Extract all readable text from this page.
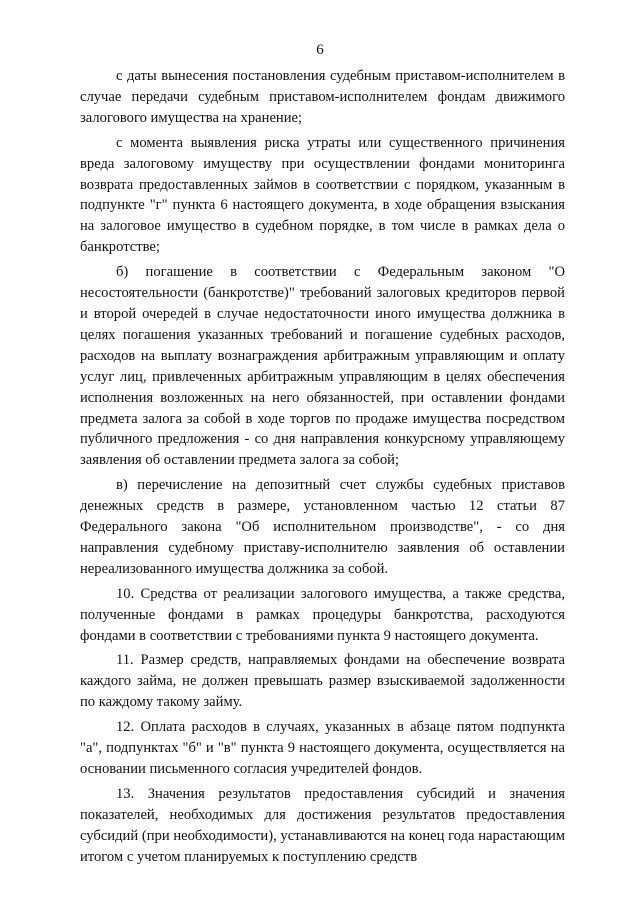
6

с даты вынесения постановления судебным приставом-исполнителем в случае передачи судебным приставом-исполнителем фондам движимого залогового имущества на хранение;

с момента выявления риска утраты или существенного причинения вреда залоговому имуществу при осуществлении фондами мониторинга возврата предоставленных займов в соответствии с порядком, указанным в подпункте "г" пункта 6 настоящего документа, в ходе обращения взыскания на залоговое имущество в судебном порядке, в том числе в рамках дела о банкротстве;

б) погашение в соответствии с Федеральным законом "О несостоятельности (банкротстве)" требований залоговых кредиторов первой и второй очередей в случае недостаточности иного имущества должника в целях погашения указанных требований и погашение судебных расходов, расходов на выплату вознаграждения арбитражным управляющим и оплату услуг лиц, привлеченных арбитражным управляющим в целях обеспечения исполнения возложенных на него обязанностей, при оставлении фондами предмета залога за собой в ходе торгов по продаже имущества посредством публичного предложения - со дня направления конкурсному управляющему заявления об оставлении предмета залога за собой;

в) перечисление на депозитный счет службы судебных приставов денежных средств в размере, установленном частью 12 статьи 87 Федерального закона "Об исполнительном производстве", - со дня направления судебному приставу-исполнителю заявления об оставлении нереализованного имущества должника за собой.

10. Средства от реализации залогового имущества, а также средства, полученные фондами в рамках процедуры банкротства, расходуются фондами в соответствии с требованиями пункта 9 настоящего документа.

11. Размер средств, направляемых фондами на обеспечение возврата каждого займа, не должен превышать размер взыскиваемой задолженности по каждому такому займу.

12. Оплата расходов в случаях, указанных в абзаце пятом подпункта "а", подпунктах "б" и "в" пункта 9 настоящего документа, осуществляется на основании письменного согласия учредителей фондов.

13. Значения результатов предоставления субсидий и значения показателей, необходимых для достижения результатов предоставления субсидий (при необходимости), устанавливаются на конец года нарастающим итогом с учетом планируемых к поступлению средств
